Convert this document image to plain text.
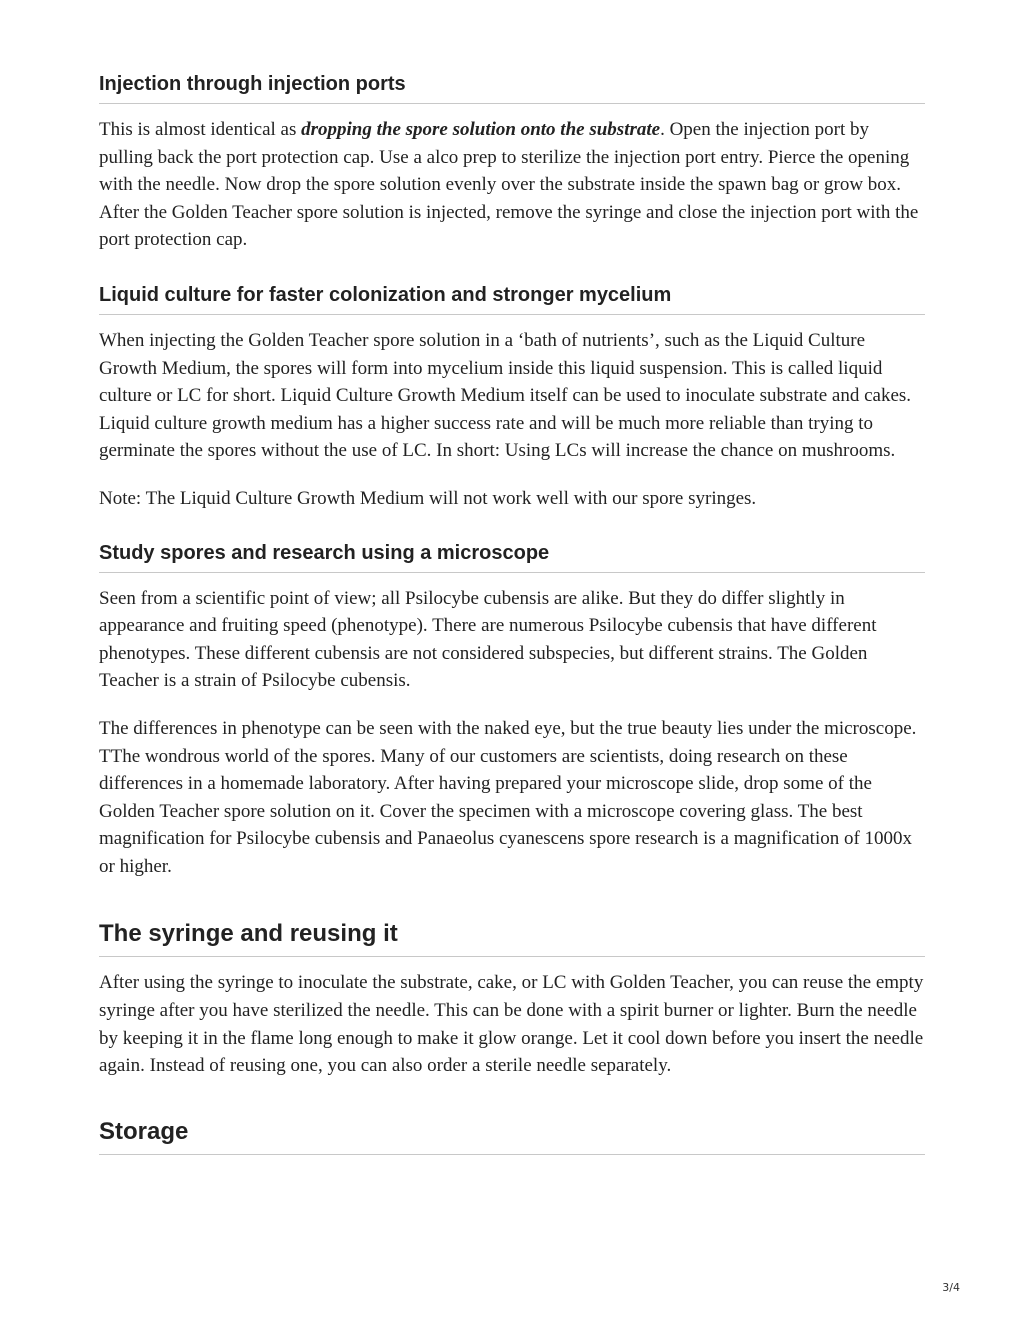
Injection through injection ports

This is almost identical as dropping the spore solution onto the substrate. Open the injection port by pulling back the port protection cap. Use a alco prep to sterilize the injection port entry. Pierce the opening with the needle. Now drop the spore solution evenly over the substrate inside the spawn bag or grow box. After the Golden Teacher spore solution is injected, remove the syringe and close the injection port with the port protection cap.

Liquid culture for faster colonization and stronger mycelium

When injecting the Golden Teacher spore solution in a ‘bath of nutrients’, such as the Liquid Culture Growth Medium, the spores will form into mycelium inside this liquid suspension. This is called liquid culture or LC for short. Liquid Culture Growth Medium itself can be used to inoculate substrate and cakes. Liquid culture growth medium has a higher success rate and will be much more reliable than trying to germinate the spores without the use of LC. In short: Using LCs will increase the chance on mushrooms.

Note: The Liquid Culture Growth Medium will not work well with our spore syringes.

Study spores and research using a microscope

Seen from a scientific point of view; all Psilocybe cubensis are alike. But they do differ slightly in appearance and fruiting speed (phenotype). There are numerous Psilocybe cubensis that have different phenotypes. These different cubensis are not considered subspecies, but different strains. The Golden Teacher is a strain of Psilocybe cubensis.

The differences in phenotype can be seen with the naked eye, but the true beauty lies under the microscope. TThe wondrous world of the spores. Many of our customers are scientists, doing research on these differences in a homemade laboratory. After having prepared your microscope slide, drop some of the Golden Teacher spore solution on it. Cover the specimen with a microscope covering glass. The best magnification for Psilocybe cubensis and Panaeolus cyanescens spore research is a magnification of 1000x or higher.

The syringe and reusing it

After using the syringe to inoculate the substrate, cake, or LC with Golden Teacher, you can reuse the empty syringe after you have sterilized the needle. This can be done with a spirit burner or lighter. Burn the needle by keeping it in the flame long enough to make it glow orange. Let it cool down before you insert the needle again. Instead of reusing one, you can also order a sterile needle separately.

Storage
3/4
